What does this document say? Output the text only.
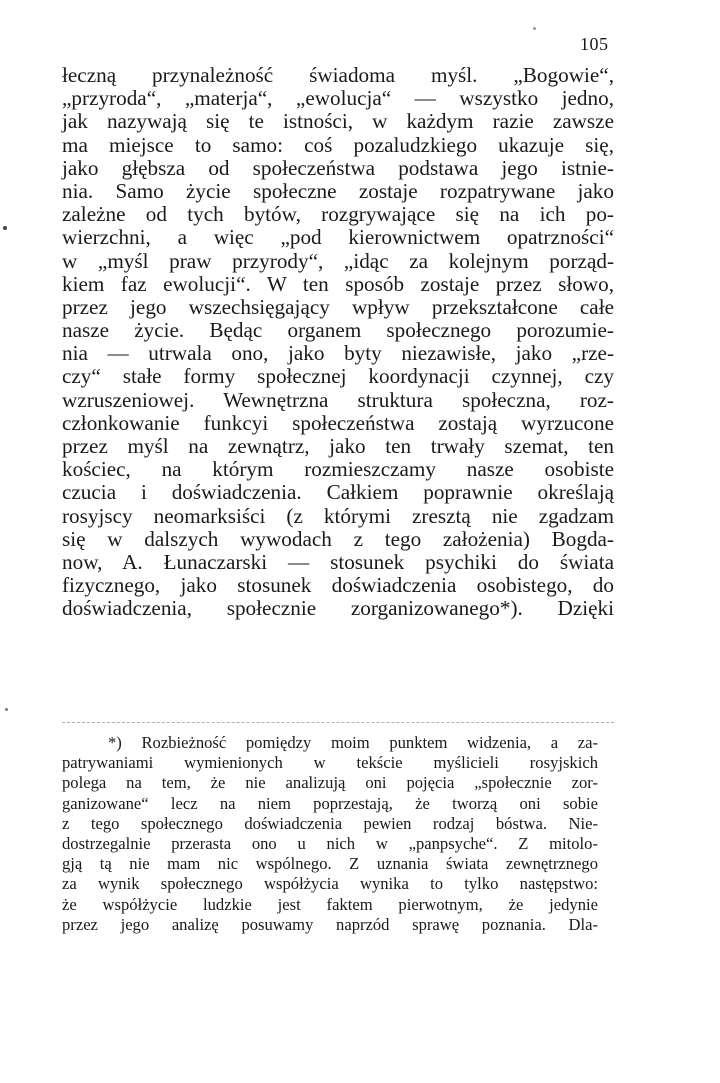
105
łeczną przynależność świadoma myśl. „Bogowie“,
„przyroda“, „materja“, „ewolucja“ — wszystko jedno,
jak nazywają się te istności, w każdym razie zawsze
ma miejsce to samo: coś pozaludzkiego ukazuje się,
jako głębsza od społeczeństwa podstawa jego istnie-
nia. Samo życie społeczne zostaje rozpatrywane jako
zależne od tych bytów, rozgrywające się na ich po-
wierzchni, a więc „pod kierownictwem opatrzności“
w „myśl praw przyrody“, „idąc za kolejnym porząd-
kiem faz ewolucji“. W ten sposób zostaje przez słowo,
przez jego wszechsięgający wpływ przekształcone całe
nasze życie. Będąc organem społecznego porozumie-
nia — utrwala ono, jako byty niezawisłe, jako „rze-
czy“ stałe formy społecznej koordynacji czynnej, czy
wzruszeniowej. Wewnętrzna struktura społeczna, roz-
członkowanie funkcyi społeczeństwa zostają wyrzucone
przez myśl na zewnątrz, jako ten trwały szemat, ten
kościec, na którym rozmieszczamy nasze osobiste
czucia i doświadczenia. Całkiem poprawnie określają
rosyjscy neomarksiści (z którymi zresztą nie zgadzam
się w dalszych wywodach z tego założenia) Bogda-
now, A. Łunaczarski — stosunek psychiki do świata
fizycznego, jako stosunek doświadczenia osobistego, do
doświadczenia, społecznie zorganizowanego*). Dzięki
*) Rozbieżność pomiędzy moim punktem widzenia, a za-
patrywaniami wymienionych w tekście myślicieli rosyjskich
polega na tem, że nie analizują oni pojęcia „społecznie zor-
ganizowane“ lecz na niem poprzestają, że tworzą oni sobie
z tego społecznego doświadczenia pewien rodzaj bóstwa. Nie-
dostrzegalnie przerasta ono u nich w „panpsyche“. Z mitolo-
gją tą nie mam nic wspólnego. Z uznania świata zewnętrznego
za wynik społecznego współżycia wynika to tylko następstwo:
że współżycie ludzkie jest faktem pierwotnym, że jedynie
przez jego analizę posuwamy naprzód sprawę poznania. Dla-
